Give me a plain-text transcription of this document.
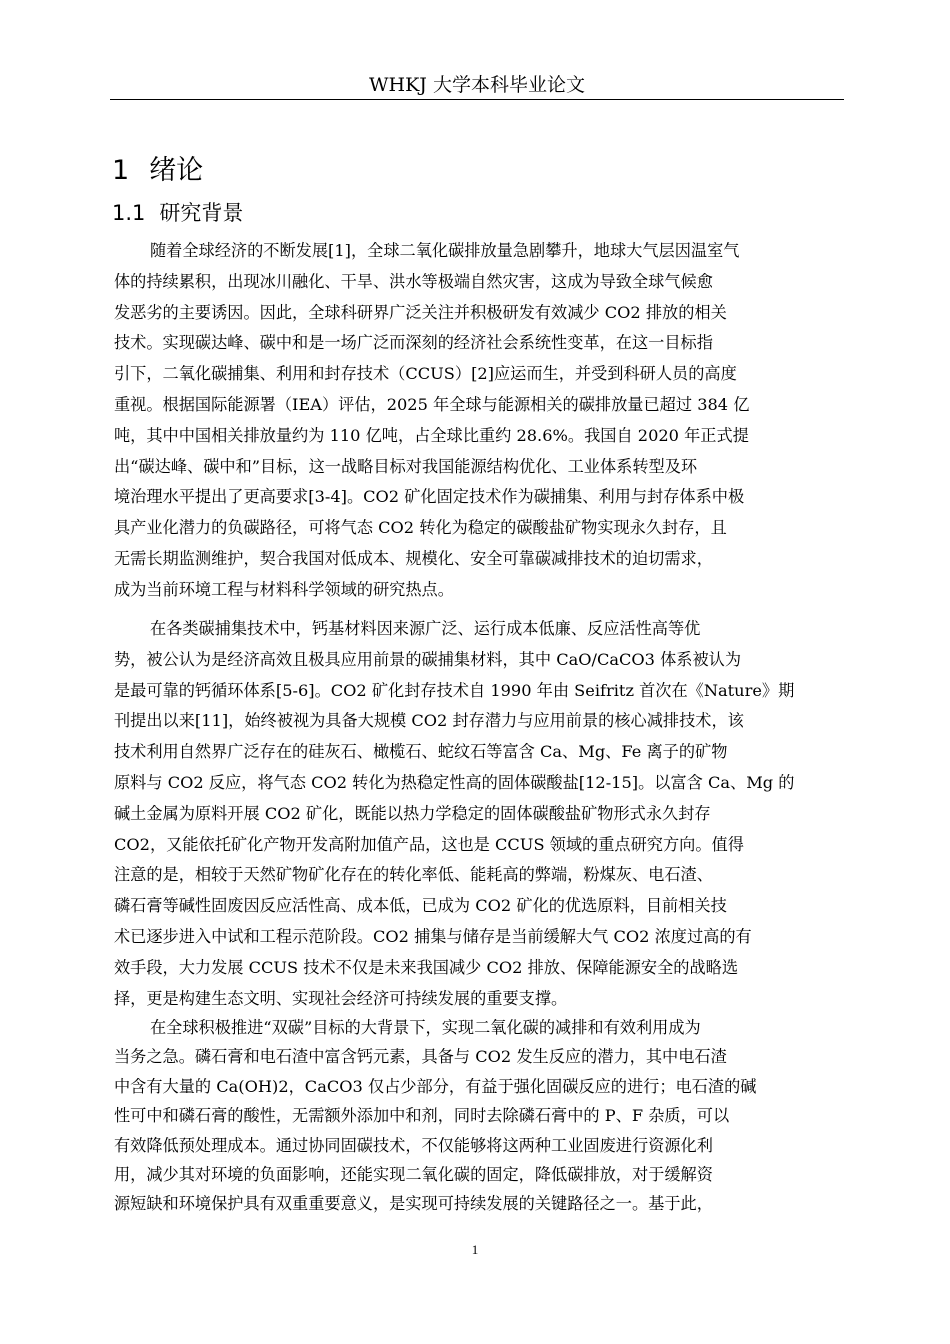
WHKJ 大学本科毕业论文
1 绪论
1.1 研究背景
随着全球经济的不断发展[1]，全球二氧化碳排放量急剧攀升，地球大气层因温室气
体的持续累积，出现冰川融化、干旱、洪水等极端自然灾害，这成为导致全球气候愈
发恶劣的主要诱因。因此，全球科研界广泛关注并积极研发有效减少 CO2 排放的相关
技术。实现碳达峰、碳中和是一场广泛而深刻的经济社会系统性变革，在这一目标指
引下，二氧化碳捕集、利用和封存技术（CCUS）[2]应运而生，并受到科研人员的高度
重视。根据国际能源署（IEA）评估，2025 年全球与能源相关的碳排放量已超过 384 亿
吨，其中中国相关排放量约为 110 亿吨，占全球比重约 28.6%。我国自 2020 年正式提
出“碳达峰、碳中和”目标，这一战略目标对我国能源结构优化、工业体系转型及环
境治理水平提出了更高要求[3-4]。CO2 矿化固定技术作为碳捕集、利用与封存体系中极
具产业化潜力的负碳路径，可将气态 CO2 转化为稳定的碳酸盐矿物实现永久封存，且
无需长期监测维护，契合我国对低成本、规模化、安全可靠碳减排技术的迫切需求，
成为当前环境工程与材料科学领域的研究热点。
在各类碳捕集技术中，钙基材料因来源广泛、运行成本低廉、反应活性高等优
势，被公认为是经济高效且极具应用前景的碳捕集材料，其中 CaO/CaCO3 体系被认为
是最可靠的钙循环体系[5-6]。CO2 矿化封存技术自 1990 年由 Seifritz 首次在《Nature》期
刊提出以来[11]，始终被视为具备大规模 CO2 封存潜力与应用前景的核心减排技术，该
技术利用自然界广泛存在的硅灰石、橄榄石、蛇纹石等富含 Ca、Mg、Fe 离子的矿物
原料与 CO2 反应，将气态 CO2 转化为热稳定性高的固体碳酸盐[12-15]。以富含 Ca、Mg 的
碱土金属为原料开展 CO2 矿化，既能以热力学稳定的固体碳酸盐矿物形式永久封存
CO2，又能依托矿化产物开发高附加值产品，这也是 CCUS 领域的重点研究方向。值得
注意的是，相较于天然矿物矿化存在的转化率低、能耗高的弊端，粉煤灰、电石渣、
磷石膏等碱性固废因反应活性高、成本低，已成为 CO2 矿化的优选原料，目前相关技
术已逐步进入中试和工程示范阶段。CO2 捕集与储存是当前缓解大气 CO2 浓度过高的有
效手段，大力发展 CCUS 技术不仅是未来我国减少 CO2 排放、保障能源安全的战略选
择，更是构建生态文明、实现社会经济可持续发展的重要支撑。
在全球积极推进“双碳”目标的大背景下，实现二氧化碳的减排和有效利用成为
当务之急。磷石膏和电石渣中富含钙元素，具备与 CO2 发生反应的潜力，其中电石渣
中含有大量的 Ca(OH)2，CaCO3 仅占少部分，有益于强化固碳反应的进行；电石渣的碱
性可中和磷石膏的酸性，无需额外添加中和剂，同时去除磷石膏中的 P、F 杂质，可以
有效降低预处理成本。通过协同固碳技术，不仅能够将这两种工业固废进行资源化利
用，减少其对环境的负面影响，还能实现二氧化碳的固定，降低碳排放，对于缓解资
源短缺和环境保护具有双重重要意义，是实现可持续发展的关键路径之一。基于此，
1
